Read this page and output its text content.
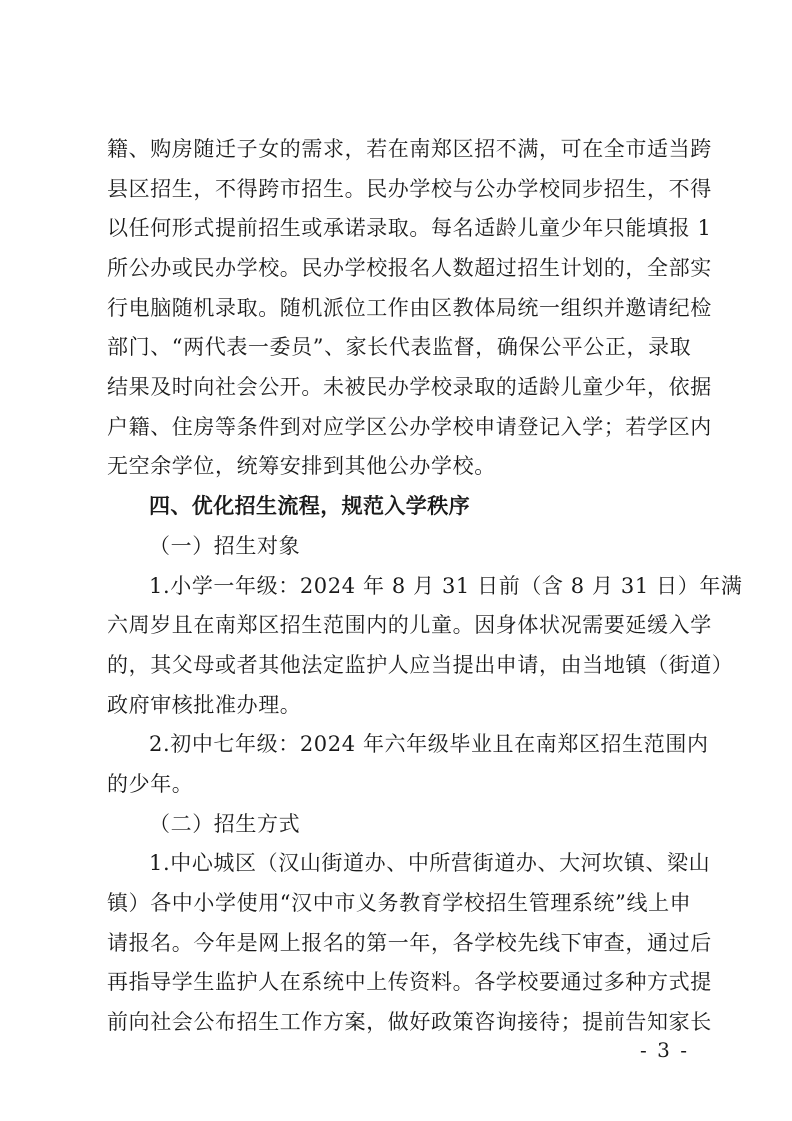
籍、购房随迁子女的需求，若在南郑区招不满，可在全市适当跨
县区招生，不得跨市招生。民办学校与公办学校同步招生，不得
以任何形式提前招生或承诺录取。每名适龄儿童少年只能填报 1
所公办或民办学校。民办学校报名人数超过招生计划的，全部实
行电脑随机录取。随机派位工作由区教体局统一组织并邀请纪检
部门、“两代表一委员”、家长代表监督，确保公平公正，录取
结果及时向社会公开。未被民办学校录取的适龄儿童少年，依据
户籍、住房等条件到对应学区公办学校申请登记入学；若学区内
无空余学位，统筹安排到其他公办学校。
四、优化招生流程，规范入学秩序
（一）招生对象
1.小学一年级：2024 年 8 月 31 日前（含 8 月 31 日）年满
六周岁且在南郑区招生范围内的儿童。因身体状况需要延缓入学
的，其父母或者其他法定监护人应当提出申请，由当地镇（街道）
政府审核批准办理。
2.初中七年级：2024 年六年级毕业且在南郑区招生范围内
的少年。
（二）招生方式
1.中心城区（汉山街道办、中所营街道办、大河坎镇、梁山
镇）各中小学使用“汉中市义务教育学校招生管理系统”线上申
请报名。今年是网上报名的第一年，各学校先线下审查，通过后
再指导学生监护人在系统中上传资料。各学校要通过多种方式提
前向社会公布招生工作方案，做好政策咨询接待；提前告知家长
- 3 -
